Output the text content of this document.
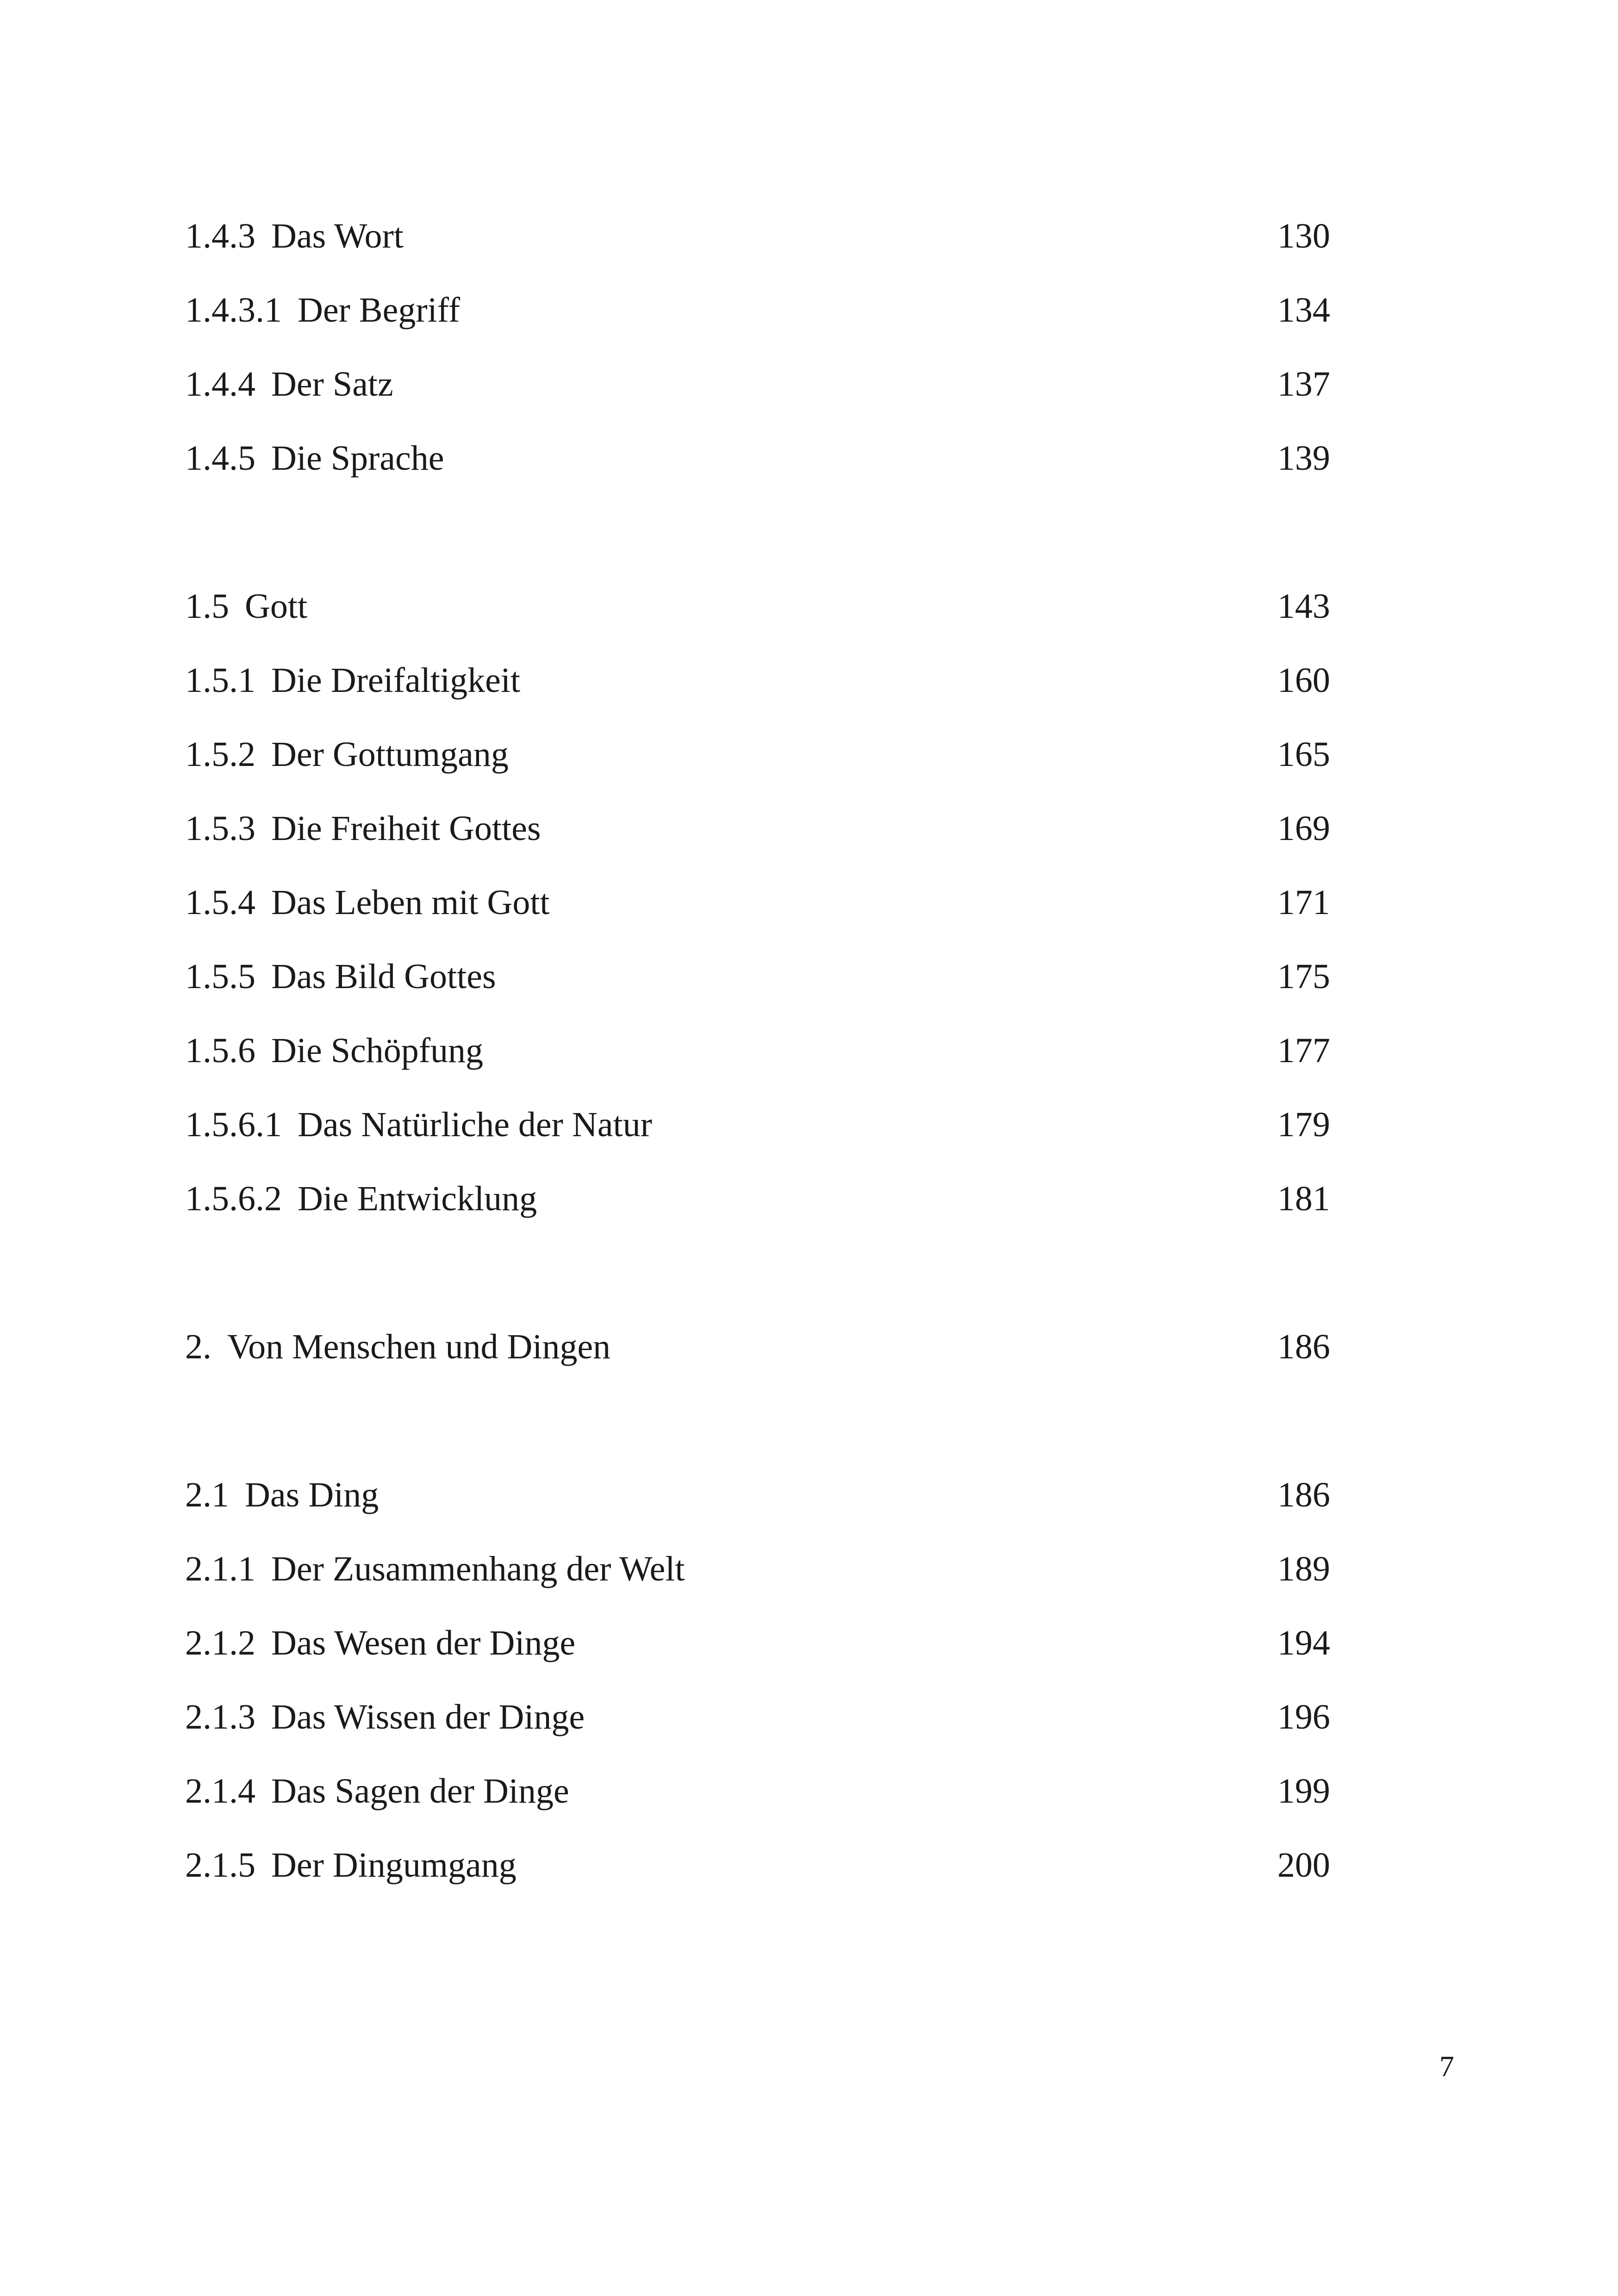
1.4.3 Das Wort	130
1.4.3.1 Der Begriff	134
1.4.4 Der Satz	137
1.4.5 Die Sprache	139
1.5 Gott	143
1.5.1 Die Dreifaltigkeit	160
1.5.2 Der Gottumgang	165
1.5.3 Die Freiheit Gottes	169
1.5.4 Das Leben mit Gott	171
1.5.5 Das Bild Gottes	175
1.5.6 Die Schöpfung	177
1.5.6.1 Das Natürliche der Natur	179
1.5.6.2 Die Entwicklung	181
2. Von Menschen und Dingen	186
2.1 Das Ding	186
2.1.1 Der Zusammenhang der Welt	189
2.1.2 Das Wesen der Dinge	194
2.1.3 Das Wissen der Dinge	196
2.1.4 Das Sagen der Dinge	199
2.1.5 Der Dingumgang	200
7
